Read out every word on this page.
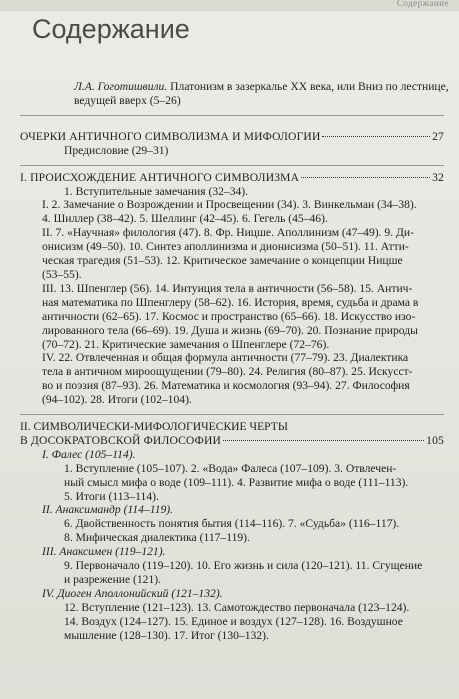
Содержание
Содержание
Л.А. Гоготишвили. Платонизм в зазеркалье ХХ века, или Вниз по лестнице,
ведущей вверх (5–26)
ОЧЕРКИ АНТИЧНОГО СИМВОЛИЗМА И МИФОЛОГИИ	27
Предисловие (29–31)
I. ПРОИСХОЖДЕНИЕ АНТИЧНОГО СИМВОЛИЗМА	32
1. Вступительные замечания (32–34).
I. 2. Замечание о Возрождении и Просвещении (34). 3. Винкельман (34–38).
4. Шиллер (38–42). 5. Шеллинг (42–45). 6. Гегель (45–46).
II. 7. «Научная» филология (47). 8. Фр. Ницше. Аполлинизм (47–49). 9. Ди-
онисизм (49–50). 10. Синтез аполлинизма и дионисизма (50–51). 11. Атти-
ческая трагедия (51–53). 12. Критическое замечание о концепции Ницше
(53–55).
III. 13. Шпенглер (56). 14. Интуиция тела в античности (56–58). 15. Антич-
ная математика по Шпенглеру (58–62). 16. История, время, судьба и драма в
античности (62–65). 17. Космос и пространство (65–66). 18. Искусство изо-
лированного тела (66–69). 19. Душа и жизнь (69–70). 20. Познание природы
(70–72). 21. Критические замечания о Шпенглере (72–76).
IV. 22. Отвлеченная и общая формула античности (77–79). 23. Диалектика
тела в античном мироощущении (79–80). 24. Религия (80–87). 25. Искусст-
во и поэзия (87–93). 26. Математика и космология (93–94). 27. Философия
(94–102). 28. Итоги (102–104).
II. СИМВОЛИЧЕСКИ-МИФОЛОГИЧЕСКИЕ ЧЕРТЫ
В ДОСОКРАТОВСКОЙ ФИЛОСОФИИ	105
I. Фалес (105–114).
1. Вступление (105–107). 2. «Вода» Фалеса (107–109). 3. Отвлечен-
ный смысл мифа о воде (109–111). 4. Развитие мифа о воде (111–113).
5. Итоги (113–114).
II. Анаксимандр (114–119).
6. Двойственность понятия бытия (114–116). 7. «Судьба» (116–117).
8. Мифическая диалектика (117–119).
III. Анаксимен (119–121).
9. Первоначало (119–120). 10. Его жизнь и сила (120–121). 11. Сгущение
и разрежение (121).
IV. Диоген Аполлонийский (121–132).
12. Вступление (121–123). 13. Самотождество первоначала (123–124).
14. Воздух (124–127). 15. Единое и воздух (127–128). 16. Воздушное
мышление (128–130). 17. Итог (130–132).
